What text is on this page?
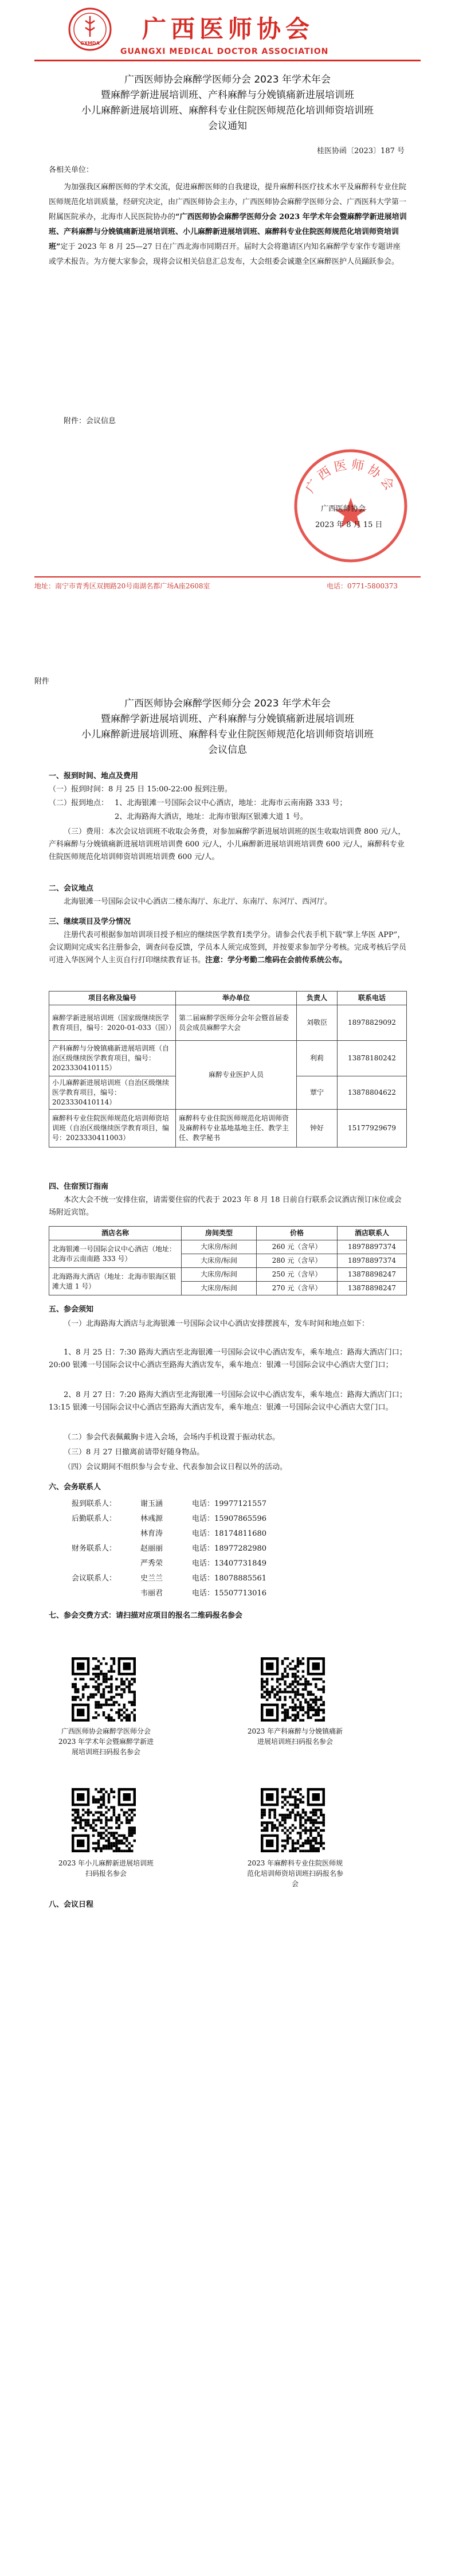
GXMDA
广西医师协会
GUANGXI MEDICAL DOCTOR ASSOCIATION
广西医师协会麻醉学医师分会 2023 年学术年会
暨麻醉学新进展培训班、产科麻醉与分娩镇痛新进展培训班
小儿麻醉新进展培训班、麻醉科专业住院医师规范化培训师资培训班
会议通知
桂医协函〔2023〕187 号
各相关单位：
为加强我区麻醉医师的学术交流，促进麻醉医师的自我建设，提升麻醉科医疗技术水平及麻醉科专业住院医师规范化培训质量，经研究决定，由广西医师协会主办，广西医师协会麻醉学医师分会、广西医科大学第一附属医院承办，北海市人民医院协办的“广西医师协会麻醉学医师分会 2023 年学术年会暨麻醉学新进展培训班、产科麻醉与分娩镇痛新进展培训班、小儿麻醉新进展培训班、麻醉科专业住院医师规范化培训师资培训班”定于 2023 年 8 月 25—27 日在广西北海市同期召开。届时大会将邀请区内知名麻醉学专家作专题讲座或学术报告。为方便大家参会，现将会议相关信息汇总发布，大会组委会诚邀全区麻醉医护人员踊跃参会。
附件：会议信息
广西医师协会
广西医师协会
2023 年 8 月 15 日
地址：南宁市青秀区双拥路20号南湖名都广场A座2608室	电话：0771-5800373
附件
广西医师协会麻醉学医师分会 2023 年学术年会
暨麻醉学新进展培训班、产科麻醉与分娩镇痛新进展培训班
小儿麻醉新进展培训班、麻醉科专业住院医师规范化培训师资培训班
会议信息
一、报到时间、地点及费用
（一）报到时间：8 月 25 日 15:00-22:00 报到注册。
（二）报到地点： 1、北海银滩一号国际会议中心酒店，地址：北海市云南南路 333 号；
2、北海路海大酒店，地址：北海市银海区银滩大道 1 号。
（三）费用：本次会议培训班不收取会务费，对参加麻醉学新进展培训班的医生收取培训费 800 元/人，产科麻醉与分娩镇痛新进展培训班培训费 600 元/人，小儿麻醉新进展培训班培训费 600 元/人，麻醉科专业住院医师规范化培训师资培训班培训费 600 元/人。
二、会议地点
北海银滩一号国际会议中心酒店二楼东海厅、东北厅、东南厅、东河厅、西河厅。
三、继续项目及学分情况
注册代表可根据参加培训项目授予相应的继续医学教育Ⅰ类学分。请参会代表手机下载“掌上华医 APP”，会议期间完成实名注册参会，调查问卷反馈，学员本人须完成签到，并按要求参加学分考核。完成考核后学员可进入华医网个人主页自行打印继续教育证书。注意：学分考勤二维码在会前传系统公布。
项目名称及编号	举办单位	负责人	联系电话
麻醉学新进展培训班（国家级继续医学教育项目，编号：2020-01-033（国））	第二届麻醉学医师分会年会暨首届委员会成员麻醉学大会	刘敬臣	18978829092
产科麻醉与分娩镇痛新进展培训班（自治区级继续医学教育项目，编号：2023330410115）	麻醉专业医护人员	利莉	13878180242
小儿麻醉新进展培训班（自治区级继续医学教育项目，编号：2023330410114）		覃宁	13878804622
麻醉科专业住院医师规范化培训师资培训班（自治区级继续医学教育项目，编号：2023330411003）	麻醉科专业住院医师规范化培训师资及麻醉科专业基地基地主任、教学主任、教学秘书	钟好	15177929679
四、住宿预订指南
本次大会不统一安排住宿，请需要住宿的代表于 2023 年 8 月 18 日前自行联系会议酒店预订床位或会场附近宾馆。
酒店名称	房间类型	价格	酒店联系人
北海银滩一号国际会议中心酒店（地址：北海市云南南路 333 号）	大床房/标间	260 元（含早）	18978897374
	大床房/标间	280 元（含早）	18978897374
北海路海大酒店（地址：北海市银海区银滩大道 1 号）	大床房/标间	250 元（含早）	13878898247
	大床房/标间	270 元（含早）	13878898247
五、参会须知
（一）北海路海大酒店与北海银滩一号国际会议中心酒店安排摆渡车，发车时间和地点如下：
1、8 月 25 日：7:30 路海大酒店至北海银滩一号国际会议中心酒店发车，乘车地点：路海大酒店门口；20:00 银滩一号国际会议中心酒店至路海大酒店发车，乘车地点：银滩一号国际会议中心酒店大堂门口；
2、8 月 27 日：7:20 路海大酒店至北海银滩一号国际会议中心酒店发车，乘车地点：路海大酒店门口；13:15 银滩一号国际会议中心酒店至路海大酒店发车，乘车地点：银滩一号国际会议中心酒店大堂门口。
（二）参会代表佩戴胸卡进入会场，会场内手机设置于振动状态。
（三）8 月 27 日撤离前请带好随身物品。
（四）会议期间不组织参与会专业、代表参加会议日程以外的活动。
六、会务联系人
报到联系人：	谢玉涵	电话：19977121557
后勤联系人：	林彧源	电话：15907865596
林育涛	电话：18174811680
财务联系人：	赵丽丽	电话：18977282980
严秀荣	电话：13407731849
会议联系人：	史兰兰	电话：18078885561
韦丽君	电话：15507713016
七、参会交费方式：请扫描对应项目的报名二维码报名参会
广西医师协会麻醉学医师分会 2023 年学术年会暨麻醉学新进展培训班扫码报名参会
2023 年产科麻醉与分娩镇痛新进展培训班扫码报名参会
2023 年小儿麻醉新进展培训班扫码报名参会
2023 年麻醉科专业住院医师规范化培训师资培训班扫码报名参会
八、会议日程
